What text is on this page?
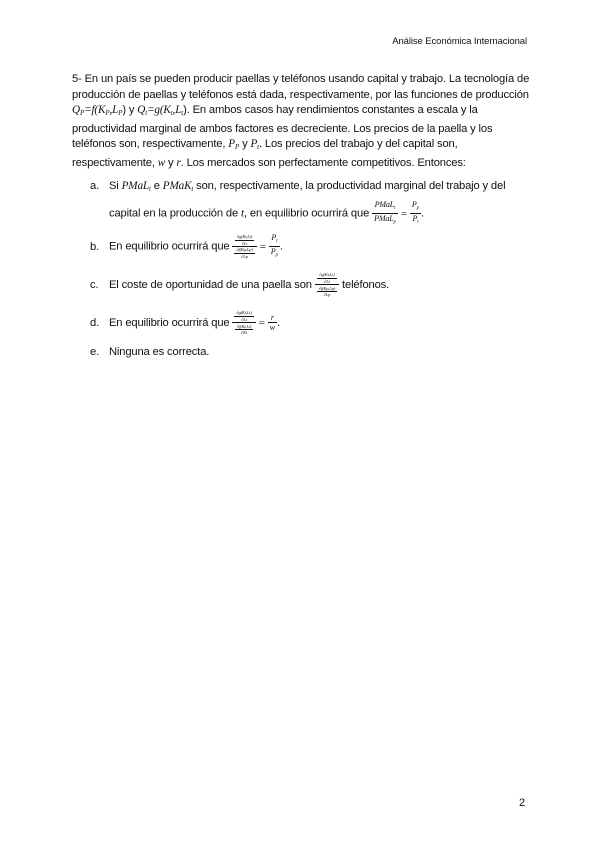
Análise Económica Internacional
5- En un país se pueden producir paellas y teléfonos usando capital y trabajo. La tecnología de producción de paellas y teléfonos está dada, respectivamente, por las funciones de producción $Q_P=f(K_P,L_P)$ y $Q_t=g(K_t,L_t)$. En ambos casos hay rendimientos constantes a escala y la productividad marginal de ambos factores es decreciente. Los precios de la paella y los teléfonos son, respectivamente, $P_P$ y $P_t$. Los precios del trabajo y del capital son, respectivamente, w y r. Los mercados son perfectamente competitivos. Entonces:
a. Si PMaL$_t$ e PMaK$_t$ son, respectivamente, la productividad marginal del trabajo y del capital en la producción de t, en equilibrio ocurrirá que $\frac{PMaL_t}{PMaL_p} = \frac{P_p}{P_t}$ .
b. En equilibrio ocurrirá que $\frac{\frac{\partial g(Kt,Lt)}{\partial Lt}}{\frac{\partial f(Kp,Lp)}{\partial Lp}} = \frac{P_t}{P_p}$ .
c. El coste de oportunidad de una paella son $\frac{\frac{\partial g(Kt,Lt)}{\partial Lt}}{\frac{\partial f(Kp,Lp)}{\partial Lp}}$ teléfonos.
d. En equilibrio ocurrirá que $\frac{\frac{\partial g(Kt,Lt)}{\partial Lt}}{\frac{\partial f(Kt,Lt)}{\partial Kt}} = \frac{r}{w}$ .
e. Ninguna es correcta.
2
